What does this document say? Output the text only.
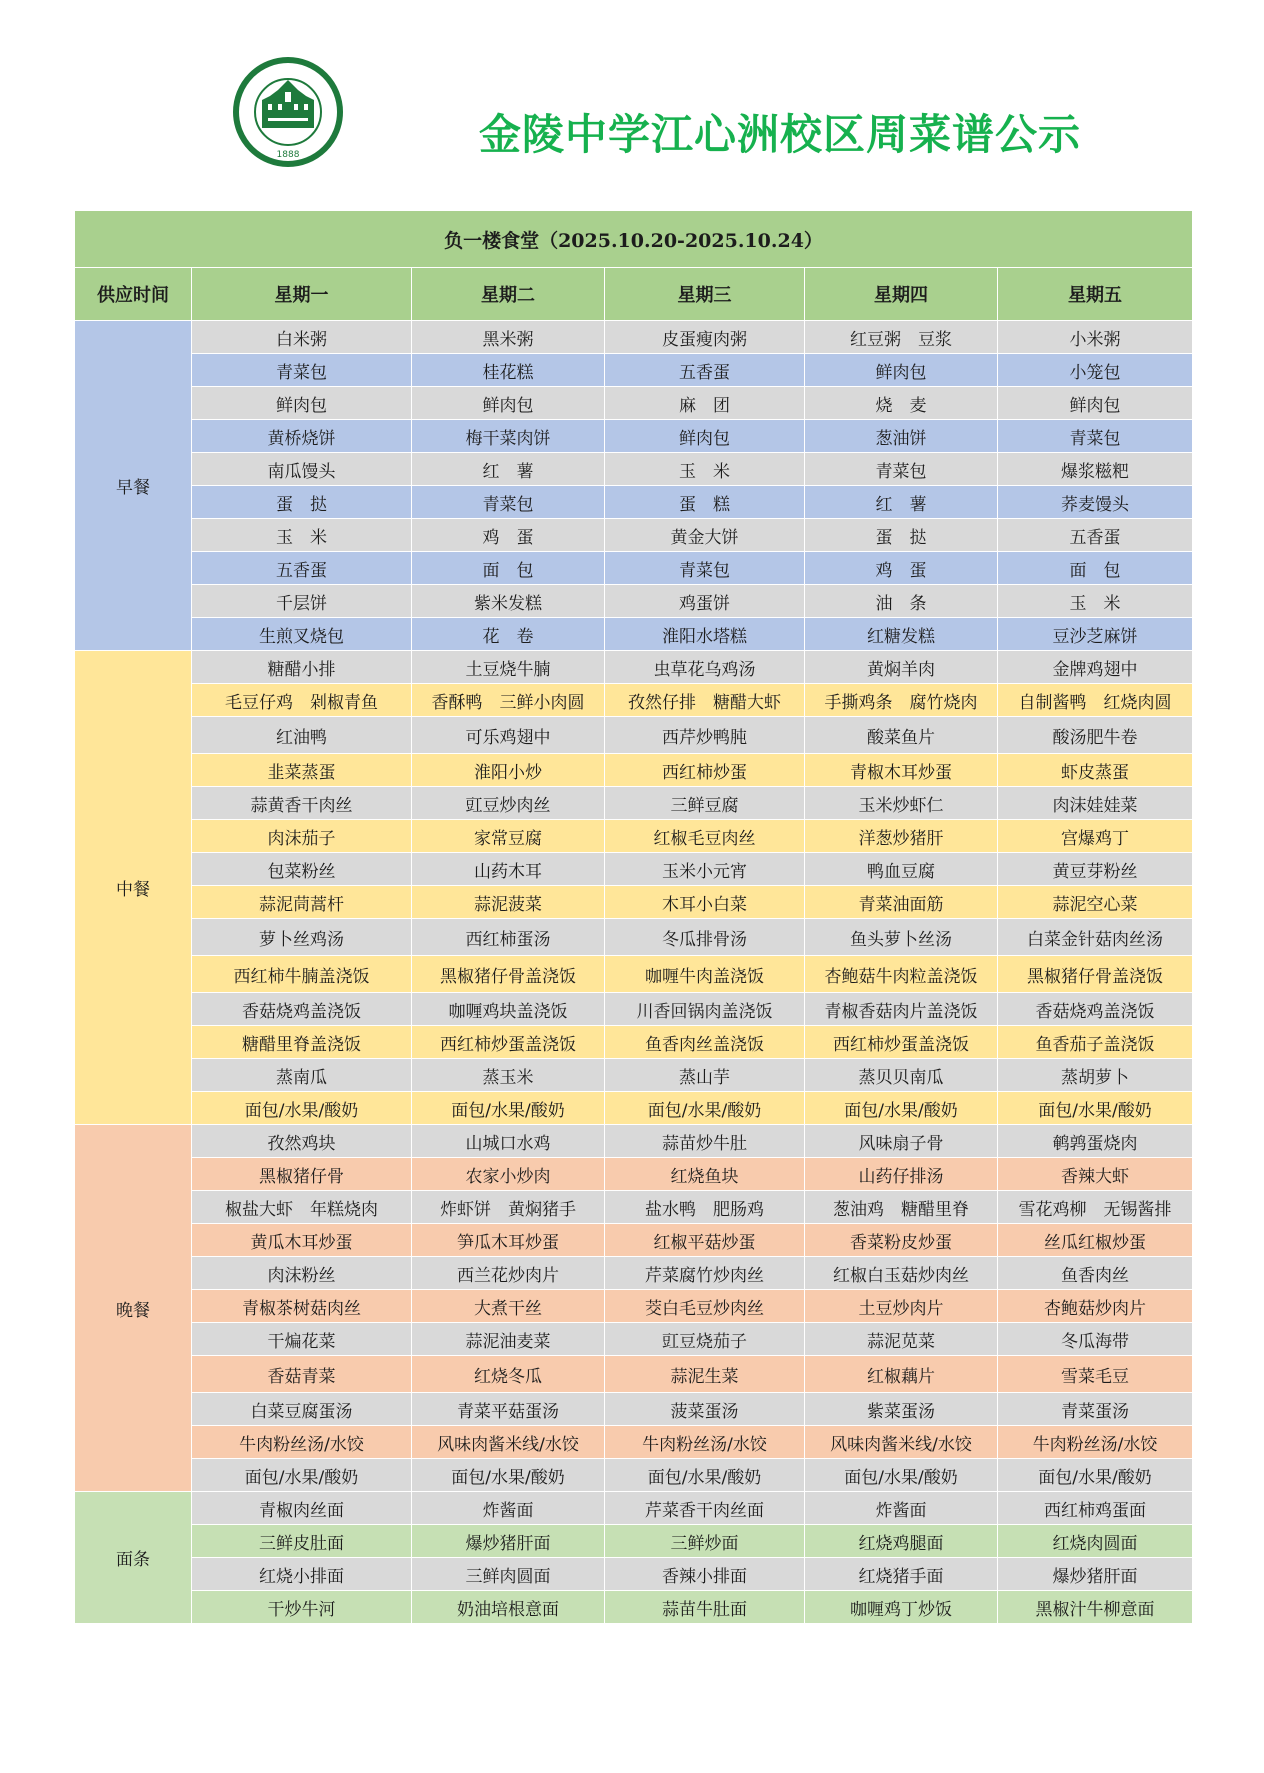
1888	金陵中学江心洲校区周菜谱公示
负一楼食堂（2025.10.20-2025.10.24）					
供应时间	星期一	星期二	星期三	星期四	星期五
早餐	白米粥	黑米粥	皮蛋瘦肉粥	红豆粥　豆浆	小米粥
	青菜包	桂花糕	五香蛋	鲜肉包	小笼包
	鲜肉包	鲜肉包	麻　团	烧　麦	鲜肉包
	黄桥烧饼	梅干菜肉饼	鲜肉包	葱油饼	青菜包
	南瓜馒头	红　薯	玉　米	青菜包	爆浆糍粑
	蛋　挞	青菜包	蛋　糕	红　薯	荞麦馒头
	玉　米	鸡　蛋	黄金大饼	蛋　挞	五香蛋
	五香蛋	面　包	青菜包	鸡　蛋	面　包
	千层饼	紫米发糕	鸡蛋饼	油　条	玉　米
	生煎叉烧包	花　卷	淮阳水塔糕	红糖发糕	豆沙芝麻饼
中餐	糖醋小排	土豆烧牛腩	虫草花乌鸡汤	黄焖羊肉	金牌鸡翅中
	毛豆仔鸡　剁椒青鱼	香酥鸭　三鲜小肉圆	孜然仔排　糖醋大虾	手撕鸡条　腐竹烧肉	自制酱鸭　红烧肉圆
	红油鸭	可乐鸡翅中	西芹炒鸭肫	酸菜鱼片	酸汤肥牛卷
	韭菜蒸蛋	淮阳小炒	西红柿炒蛋	青椒木耳炒蛋	虾皮蒸蛋
	蒜黄香干肉丝	豇豆炒肉丝	三鲜豆腐	玉米炒虾仁	肉沫娃娃菜
	肉沫茄子	家常豆腐	红椒毛豆肉丝	洋葱炒猪肝	宫爆鸡丁
	包菜粉丝	山药木耳	玉米小元宵	鸭血豆腐	黄豆芽粉丝
	蒜泥茼蒿杆	蒜泥菠菜	木耳小白菜	青菜油面筋	蒜泥空心菜
	萝卜丝鸡汤	西红柿蛋汤	冬瓜排骨汤	鱼头萝卜丝汤	白菜金针菇肉丝汤
	西红柿牛腩盖浇饭	黑椒猪仔骨盖浇饭	咖喱牛肉盖浇饭	杏鲍菇牛肉粒盖浇饭	黑椒猪仔骨盖浇饭
	香菇烧鸡盖浇饭	咖喱鸡块盖浇饭	川香回锅肉盖浇饭	青椒香菇肉片盖浇饭	香菇烧鸡盖浇饭
	糖醋里脊盖浇饭	西红柿炒蛋盖浇饭	鱼香肉丝盖浇饭	西红柿炒蛋盖浇饭	鱼香茄子盖浇饭
	蒸南瓜	蒸玉米	蒸山芋	蒸贝贝南瓜	蒸胡萝卜
	面包/水果/酸奶	面包/水果/酸奶	面包/水果/酸奶	面包/水果/酸奶	面包/水果/酸奶
晚餐	孜然鸡块	山城口水鸡	蒜苗炒牛肚	风味扇子骨	鹌鹑蛋烧肉
	黑椒猪仔骨	农家小炒肉	红烧鱼块	山药仔排汤	香辣大虾
	椒盐大虾　年糕烧肉	炸虾饼　黄焖猪手	盐水鸭　肥肠鸡	葱油鸡　糖醋里脊	雪花鸡柳　无锡酱排
	黄瓜木耳炒蛋	笋瓜木耳炒蛋	红椒平菇炒蛋	香菜粉皮炒蛋	丝瓜红椒炒蛋
	肉沫粉丝	西兰花炒肉片	芹菜腐竹炒肉丝	红椒白玉菇炒肉丝	鱼香肉丝
	青椒茶树菇肉丝	大煮干丝	茭白毛豆炒肉丝	土豆炒肉片	杏鲍菇炒肉片
	干煸花菜	蒜泥油麦菜	豇豆烧茄子	蒜泥苋菜	冬瓜海带
	香菇青菜	红烧冬瓜	蒜泥生菜	红椒藕片	雪菜毛豆
	白菜豆腐蛋汤	青菜平菇蛋汤	菠菜蛋汤	紫菜蛋汤	青菜蛋汤
	牛肉粉丝汤/水饺	风味肉酱米线/水饺	牛肉粉丝汤/水饺	风味肉酱米线/水饺	牛肉粉丝汤/水饺
	面包/水果/酸奶	面包/水果/酸奶	面包/水果/酸奶	面包/水果/酸奶	面包/水果/酸奶
面条	青椒肉丝面	炸酱面	芹菜香干肉丝面	炸酱面	西红柿鸡蛋面
	三鲜皮肚面	爆炒猪肝面	三鲜炒面	红烧鸡腿面	红烧肉圆面
	红烧小排面	三鲜肉圆面	香辣小排面	红烧猪手面	爆炒猪肝面
	干炒牛河	奶油培根意面	蒜苗牛肚面	咖喱鸡丁炒饭	黑椒汁牛柳意面
